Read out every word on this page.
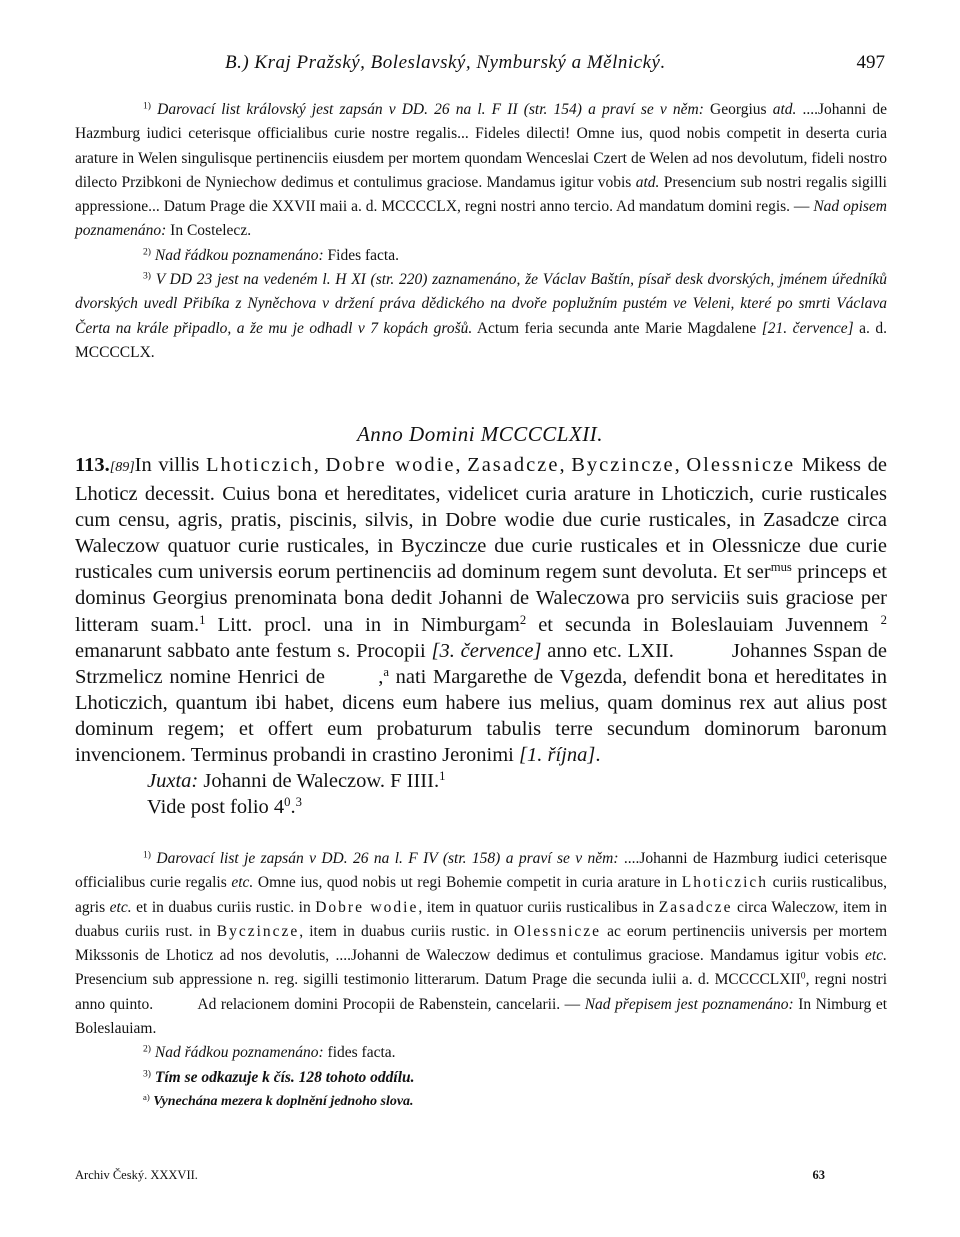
B.) Kraj Pražský, Boleslavský, Nymburský a Mělnický.	497

$^{1)}$ Darovací list královský jest zapsán v DD. 26 na l. F II (str. 154) a praví se v něm: Georgius atd. ....Johanni de Hazmburg iudici ceterisque officialibus curie nostre regalis... Fideles dilecti! Omne ius, quod nobis competit in deserta curia arature in Welen singulisque pertinenciis eiusdem per mortem quondam Wenceslai Czert de Welen ad nos devolutum, fideli nostro dilecto Przibkoni de Nyniechow dedimus et contulimus graciose. Mandamus igitur vobis atd. Presencium sub nostri regalis sigilli appressione... Datum Prage die XXVII maii a. d. MCCCCLX, regni nostri anno tercio. Ad mandatum domini regis. — Nad opisem poznamenáno: In Costelecz.

$^{2)}$ Nad řádkou poznamenáno: Fides facta.

$^{3)}$ V DD 23 jest na vedeném l. H XI (str. 220) zaznamenáno, že Václav Baštín, písař desk dvorských, jménem úředníků dvorských uvedl Přibíka z Nyněchova v držení práva dědického na dvoře poplužním pustém ve Veleni, které po smrti Václava Čerta na krále připadlo, a že mu je odhadl v 7 kopách grošů. Actum feria secunda ante Marie Magdalene [21. července] a. d. MCCCCLX.

Anno Domini MCCCCLXII.

113.[89]In villis Lhoticzich, Dobre wodie, Zasadcze, Byczincze, Olessnicze Mikess de Lhoticz decessit. Cuius bona et hereditates, videlicet curia arature in Lhoticzich, curie rusticales cum censu, agris, pratis, piscinis, silvis, in Dobre wodie due curie rusticales, in Zasadcze circa Waleczow quatuor curie rusticales, in Byczincze due curie rusticales et in Olessnicze due curie rusticales cum universis eorum pertinenciis ad dominum regem sunt devoluta. Et ser$^{mus}$ princeps et dominus Georgius prenominata bona dedit Johanni de Waleczowa pro serviciis suis graciose per litteram suam.$^1$ Litt. procl. una in in Nimburgam$^2$ et secunda in Boleslauiam Juvennem $^2$ emanarunt sabbato ante festum s. Procopii [3. července] anno etc. LXII.          Johannes Sspan de Strzmelicz nomine Henrici de        ,$^a$ nati Margarethe de Vgezda, defendit bona et hereditates in Lhoticzich, quantum ibi habet, dicens eum habere ius melius, quam dominus rex aut alius post dominum regem; et offert eum probaturum tabulis terre secundum dominorum baronum invencionem. Terminus probandi in crastino Jeronimi [1. října].

Juxta: Johanni de Waleczow. F IIII.$^1$

Vide post folio $4^0.^3$

$^{1)}$ Darovací list je zapsán v DD. 26 na l. F IV (str. 158) a praví se v něm: ....Johanni de Hazmburg iudici ceterisque officialibus curie regalis etc. Omne ius, quod nobis ut regi Bohemie competit in curia arature in Lhoticzich curiis rusticalibus, agris etc. et in duabus curiis rustic. in Dobre wodie, item in quatuor curiis rusticalibus in Zasadcze circa Waleczow, item in duabus curiis rust. in Byczincze, item in duabus curiis rustic. in Olessnicze ac eorum pertinenciis universis per mortem Mikssonis de Lhoticz ad nos devolutis, ....Johanni de Waleczow dedimus et contulimus graciose. Mandamus igitur vobis etc. Presencium sub appressione n. reg. sigilli testimonio litterarum. Datum Prage die secunda iulii a. d. MCCCCLXII$^0$, regni nostri anno quinto.          Ad relacionem domini Procopii de Rabenstein, cancelarii. — Nad přepisem jest poznamenáno: In Nimburg et Boleslauiam.

$^{2)}$ Nad řádkou poznamenáno: fides facta.

$^{3)}$ Tím se odkazuje k čís. 128 tohoto oddílu.

$^{a)}$ Vynechána mezera k doplnění jednoho slova.

Archiv Český. XXXVII.	63
